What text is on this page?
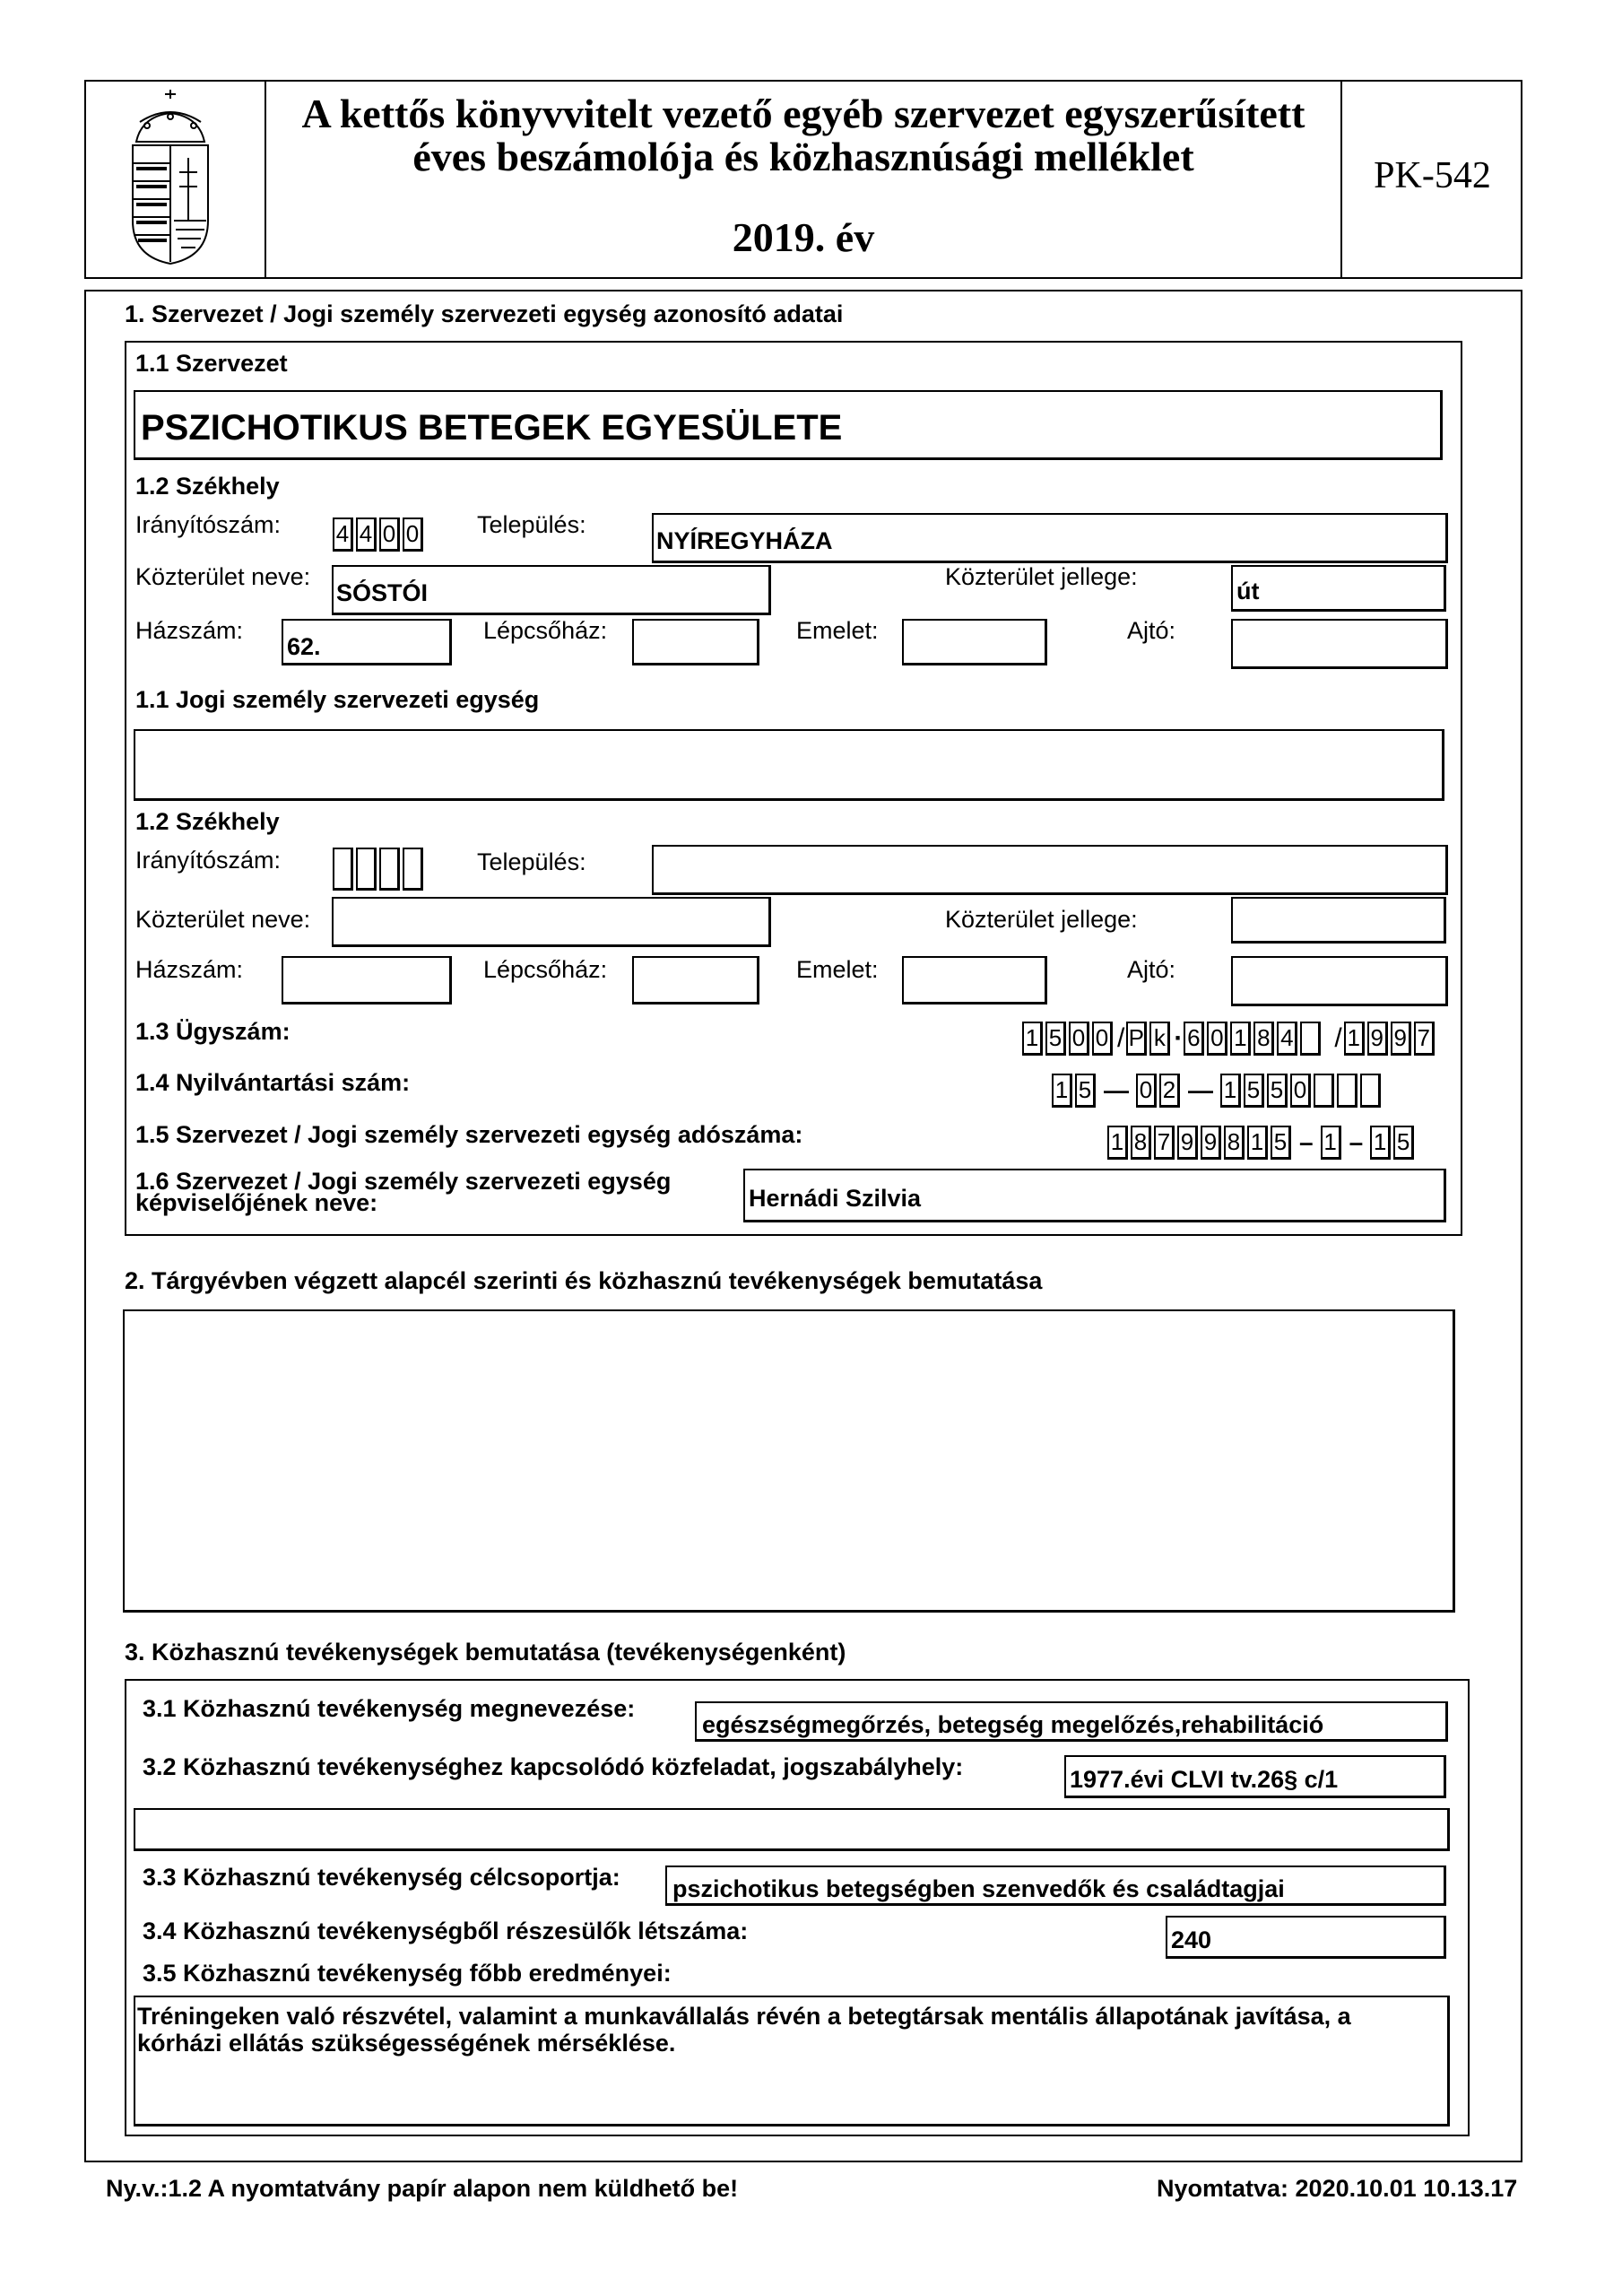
A kettős könyvvitelt vezető egyéb szervezet egyszerűsített
éves beszámolója és közhasznúsági melléklet
2019. év
PK-542
1. Szervezet / Jogi személy szervezeti egység azonosító adatai
1.1 Szervezet
PSZICHOTIKUS BETEGEK EGYESÜLETE
1.2 Székhely
Irányítószám: 4 4 0 0 Település:
NYÍREGYHÁZA
Közterület neve:
SÓSTÓI
Közterület jellege:
út
Házszám:
62.
Lépcsőház:	Emelet:	Ajtó:
1.1 Jogi személy szervezeti egység
1.2 Székhely
Irányítószám:	Település:
Közterület neve:	Közterület jellege:
Házszám:	Lépcsőház:	Emelet:	Ajtó:
1.3 Ügyszám:	1 5 0 0 / P k · 6 0 1 8 4 / 1 9 9 7
1.4 Nyilvántartási szám:	1 5 — 0 2 — 1 5 5 0
1.5 Szervezet / Jogi személy szervezeti egység adószáma:	1 8 7 9 9 8 1 5 – 1 – 1 5
1.6 Szervezet / Jogi személy szervezeti egység
képviselőjének neve:	Hernádi Szilvia
2. Tárgyévben végzett alapcél szerinti és közhasznú tevékenységek bemutatása
3. Közhasznú tevékenységek bemutatása (tevékenységenként)
3.1 Közhasznú tevékenység megnevezése:
egészségmegőrzés, betegség megelőzés,rehabilitáció
3.2 Közhasznú tevékenységhez kapcsolódó közfeladat, jogszabályhely:	1977.évi CLVI tv.26§ c/1
3.3 Közhasznú tevékenység célcsoportja: pszichotikus betegségben szenvedők és családtagjai
3.4 Közhasznú tevékenységből részesülők létszáma:	240
3.5 Közhasznú tevékenység főbb eredményei:
Tréningeken való részvétel, valamint a munkavállalás révén a betegtársak mentális állapotának javítása, a
kórházi ellátás szükségességének mérséklése.
Ny.v.:1.2 A nyomtatvány papír alapon nem küldhető be!	Nyomtatva: 2020.10.01 10.13.17
